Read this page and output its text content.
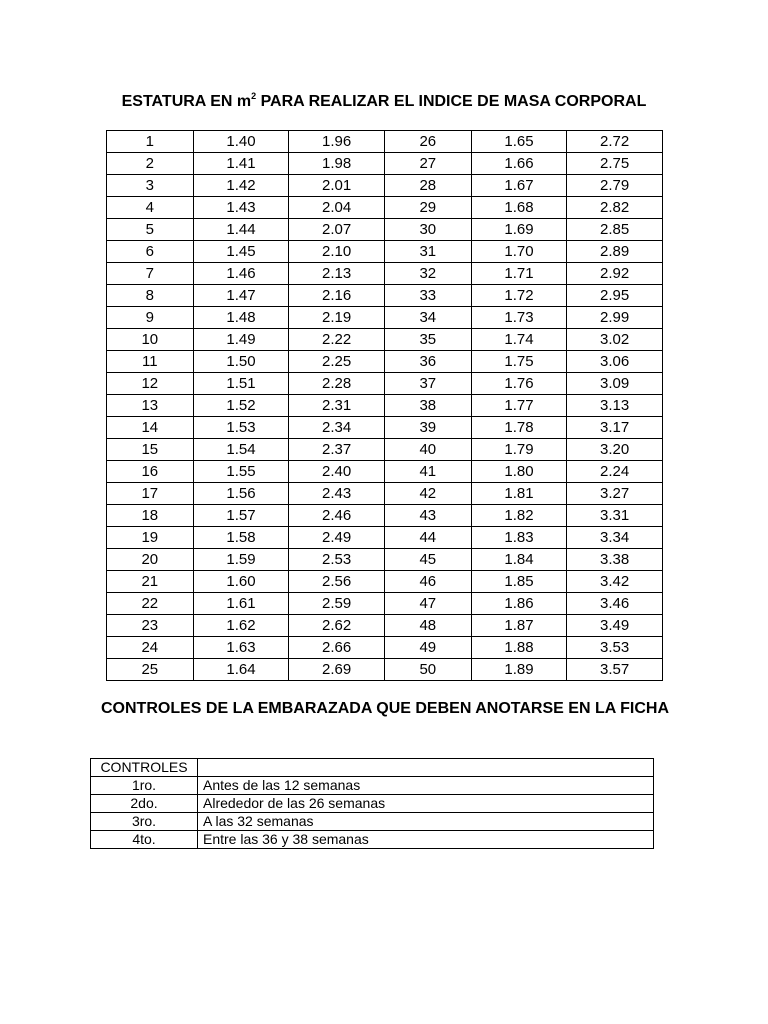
ESTATURA EN $m^2$ PARA REALIZAR EL INDICE DE MASA CORPORAL
1	1.40	1.96	26	1.65	2.72
2	1.41	1.98	27	1.66	2.75
3	1.42	2.01	28	1.67	2.79
4	1.43	2.04	29	1.68	2.82
5	1.44	2.07	30	1.69	2.85
6	1.45	2.10	31	1.70	2.89
7	1.46	2.13	32	1.71	2.92
8	1.47	2.16	33	1.72	2.95
9	1.48	2.19	34	1.73	2.99
10	1.49	2.22	35	1.74	3.02
11	1.50	2.25	36	1.75	3.06
12	1.51	2.28	37	1.76	3.09
13	1.52	2.31	38	1.77	3.13
14	1.53	2.34	39	1.78	3.17
15	1.54	2.37	40	1.79	3.20
16	1.55	2.40	41	1.80	2.24
17	1.56	2.43	42	1.81	3.27
18	1.57	2.46	43	1.82	3.31
19	1.58	2.49	44	1.83	3.34
20	1.59	2.53	45	1.84	3.38
21	1.60	2.56	46	1.85	3.42
22	1.61	2.59	47	1.86	3.46
23	1.62	2.62	48	1.87	3.49
24	1.63	2.66	49	1.88	3.53
25	1.64	2.69	50	1.89	3.57
CONTROLES DE LA EMBARAZADA QUE DEBEN ANOTARSE EN LA FICHA
CONTROLES	
1ro.	Antes de las 12 semanas
2do.	Alrededor de las 26 semanas
3ro.	A las 32 semanas
4to.	Entre las 36 y 38 semanas
